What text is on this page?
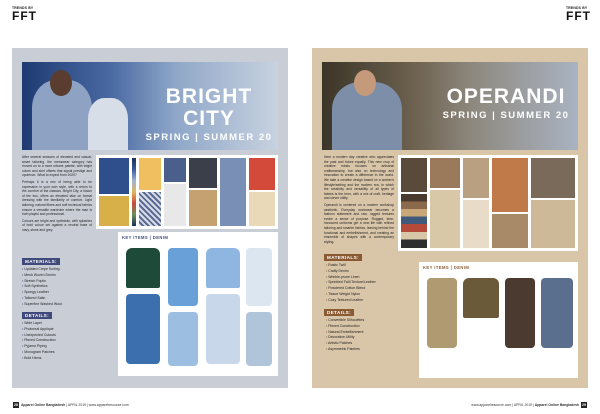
TRENDS BY
FFT
BRIGHT CITY
SPRING | SUMMER 20

After several seasons of elevated and casual-smart tailoring, the menswear category has moved on to a more urbane palette, with bright colors and skirt offsets that signal prestige and opulence. What to expect from 2020?

Perhaps it is a mix of being able to be expressive in your own style, with a return to the comfort of the classics. Bright City, a fusion of the two, offers an elevated take on formal dressing with the familiarity of comfort. Light tailoring, natural fibres and soft technical fabrics ensure a versatile wardrobe where the man is both playful and professional.

Colours are bright and optimistic, with splashes of bold colour set against a neutral base of navy, stone and grey.

MATERIALS:
• Updated Crepe Suiting
• Mesh Woven Denim
• Stretch Poplin
• Soft Synthetics
• Spongy Leather
• Tailored Satin
• Superfine Washed Wool
DETAILS:
• Wide Lapel
• Photoreal Appliqué
• Unexpected Cutouts
• Pieced Construction
• Pyjama Piping
• Monogram Patches
• Bold Hems
KEY ITEMS | DENIM
28 Apparel Online Bangladesh | APRIL 2019 | www.apparelresource.com
TRENDS BY
FFT
OPERANDI
SPRING | SUMMER 20

Here a modern day creative who appreciates the past and future equally. This new crop of creative minds focuses on artisanal craftsmanship, but also on technology and innovation to create a difference in the world. We take a creative design based on a worker's lifestyle/setting and the modern era, in which the creativity and versatility of all types of fabrics is the hero, with a mix of craft, heritage and clever utility.

Operandi is centered on a modern workshop aesthetic. Everyday workwear becomes a fashion statement and raw, rugged textures evoke a sense of purpose. Rugged, time-honoured uniforms get a new life with refined tailoring and smarter fabrics, leaving behind the functional and embellishment, and creating an ensemble of shapes with a contemporary styling.

MATERIALS:
• Rustic Twill
• Crafty Denim
• Wrinkle-prone Linen
• Sprinkled Twill Texture/Leather
• Powdered Cotton Blend
• Tissue Weight Nylon
• Cozy Textured Leather
DETAILS:
• Convertible Silhouettes
• Pieced Construction
• Natural Embellishment
• Decorative Utility
• Artistic Patches
• Asymmetric Patches
KEY ITEMS | DENIM
www.apparelresource.com | APRIL 2019 | Apparel Online Bangladesh 29
